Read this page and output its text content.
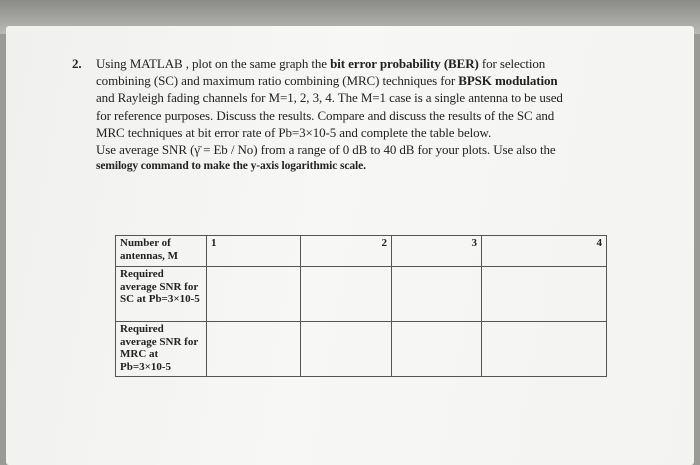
2. Using MATLAB , plot on the same graph the bit error probability (BER) for selection
combining (SC) and maximum ratio combining (MRC) techniques for BPSK modulation
and Rayleigh fading channels for M=1, 2, 3, 4. The M=1 case is a single antenna to be used
for reference purposes. Discuss the results. Compare and discuss the results of the SC and
MRC techniques at bit error rate of Pb=3×10-5 and complete the table below.
Use average SNR (γ̄ = Eb / No) from a range of 0 dB to 40 dB for your plots. Use also the
semilogy command to make the y-axis logarithmic scale.
Number of antennas, M	1	2	3	4

Required average SNR for SC at Pb=3×10-5				
Required average SNR for MRC at Pb=3×10-5				
